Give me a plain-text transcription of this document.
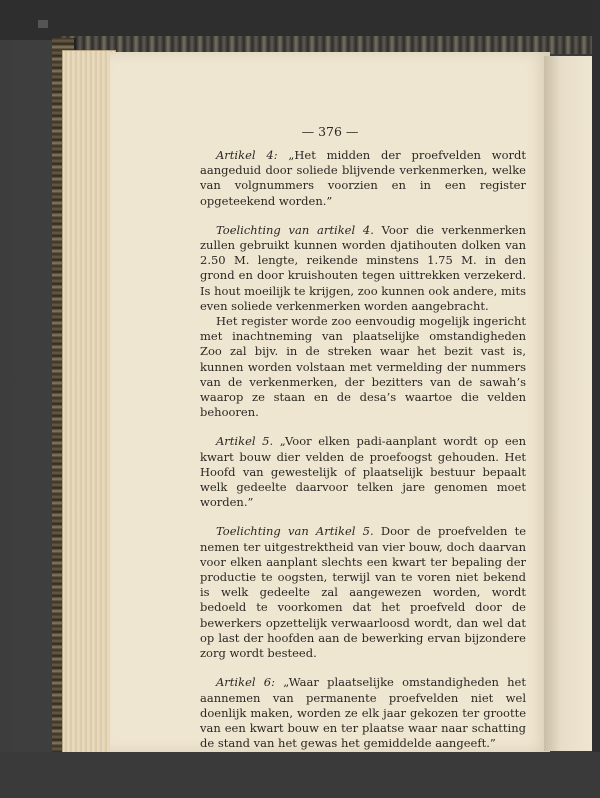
— 376 —

Artikel 4: „Het midden der proefvelden wordt aangeduid door soliede blijvende verkenmerken, welke van volgnummers voorzien en in een register opgeteekend worden.”

Toelichting van artikel 4. Voor die verkenmerken zullen gebruikt kunnen worden djatihouten dolken van 2.50 M. lengte, reikende minstens 1.75 M. in den grond en door kruishouten tegen uittrekken verzekerd. Is hout moeilijk te krijgen, zoo kunnen ook andere, mits even soliede verkenmerken worden aangebracht.

Het register worde zoo eenvoudig mogelijk ingericht met inachtneming van plaatselijke omstandigheden Zoo zal bijv. in de streken waar het bezit vast is, kunnen worden volstaan met vermelding der nummers van de verkenmerken, der bezitters van de sawah’s waarop ze staan en de desa’s waartoe die velden behooren.

Artikel 5. „Voor elken padi-aanplant wordt op een kwart bouw dier velden de proefoogst gehouden. Het Hoofd van gewestelijk of plaatselijk bestuur bepaalt welk gedeelte daarvoor telken jare genomen moet worden.”

Toelichting van Artikel 5. Door de proefvelden te nemen ter uitgestrektheid van vier bouw, doch daarvan voor elken aanplant slechts een kwart ter bepaling der productie te oogsten, terwijl van te voren niet bekend is welk gedeelte zal aangewezen worden, wordt bedoeld te voorkomen dat het proefveld door de bewerkers opzettelijk verwaarloosd wordt, dan wel dat op last der hoofden aan de bewerking ervan bijzondere zorg wordt besteed.

Artikel 6: „Waar plaatselijke omstandigheden het aannemen van permanente proefvelden niet wel doenlijk maken, worden ze elk jaar gekozen ter grootte van een kwart bouw en ter plaatse waar naar schatting de stand van het gewas het gemiddelde aangeeft.”
